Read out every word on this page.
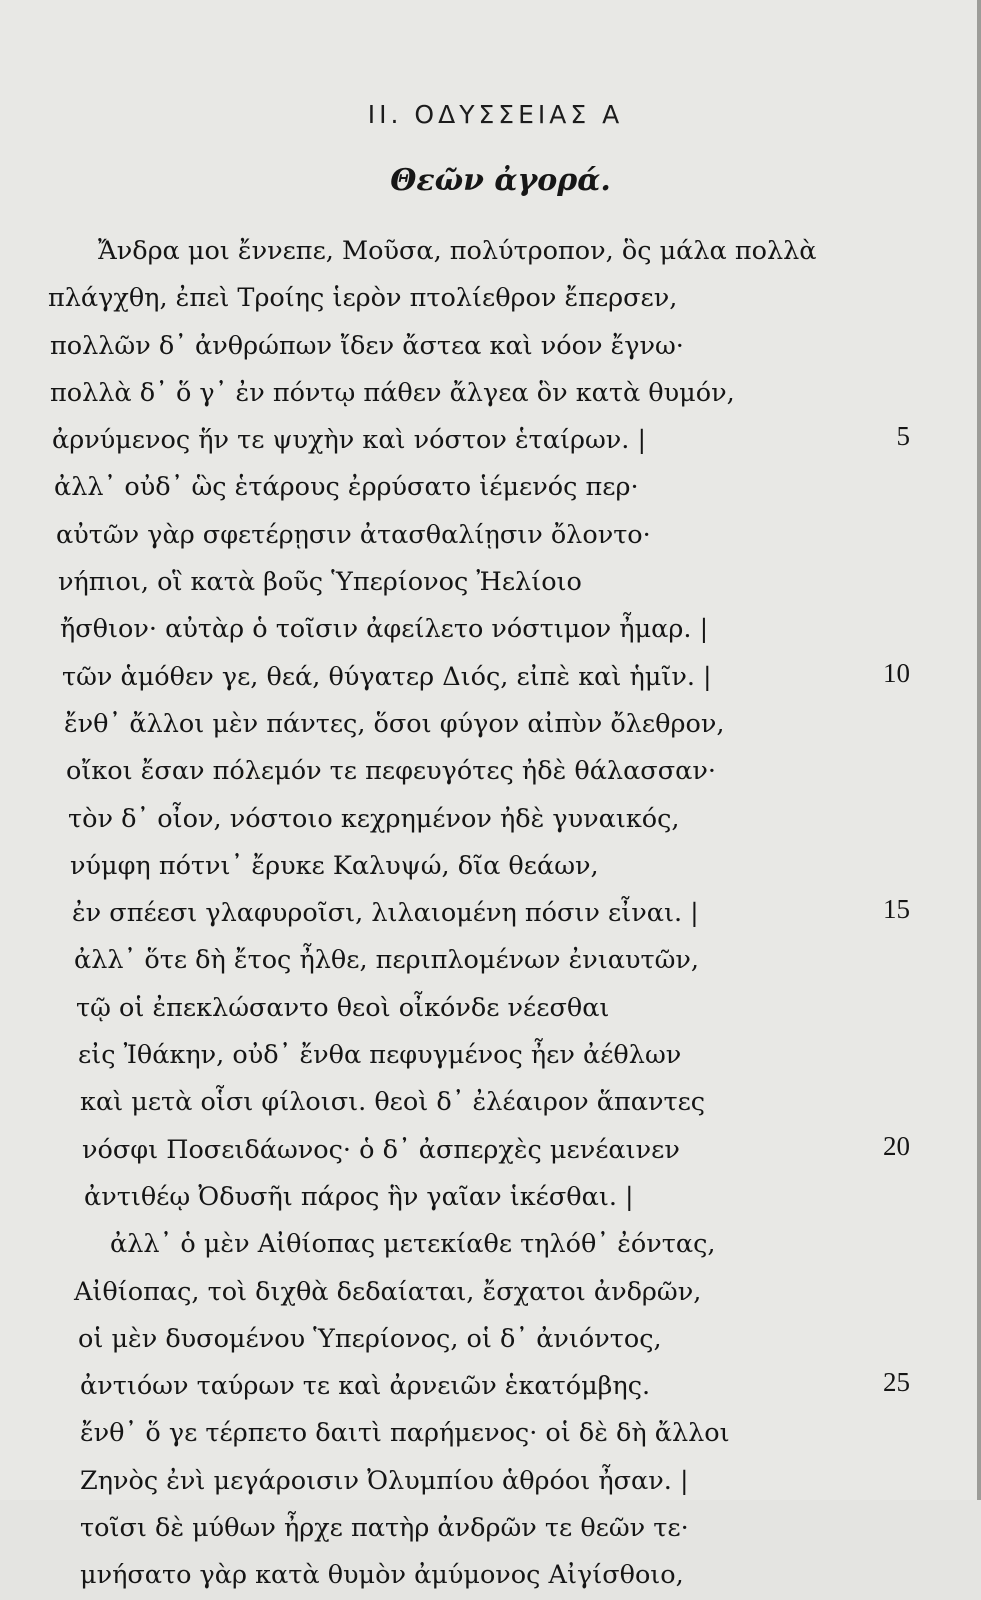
II. ΟΔΥΣΣΕΙΑΣ Α
Θεῶν ἀγορά.
Ἄνδρα μοι ἔννεπε, Μοῦσα, πολύτροπον, ὃς μάλα πολλὰ
πλάγχθη, ἐπεὶ Τροίης ἱερὸν πτολίεθρον ἔπερσεν,
πολλῶν δ᾽ ἀνθρώπων ἴδεν ἄστεα καὶ νόον ἔγνω·
πολλὰ δ᾽ ὅ γ᾽ ἐν πόντῳ πάθεν ἄλγεα ὃν κατὰ θυμόν,
ἀρνύμενος ἥν τε ψυχὴν καὶ νόστον ἑταίρων. |	5
ἀλλ᾽ οὐδ᾽ ὣς ἑτάρους ἐρρύσατο ἱέμενός περ·
αὐτῶν γὰρ σφετέρῃσιν ἀτασθαλίῃσιν ὄλοντο·
νήπιοι, οἳ κατὰ βοῦς Ὑπερίονος Ἠελίοιο
ἤσθιον· αὐτὰρ ὁ τοῖσιν ἀφείλετο νόστιμον ἦμαρ. |
τῶν ἁμόθεν γε, θεά, θύγατερ Διός, εἰπὲ καὶ ἡμῖν. |	10
ἔνθ᾽ ἄλλοι μὲν πάντες, ὅσοι φύγον αἰπὺν ὄλεθρον,
οἴκοι ἔσαν πόλεμόν τε πεφευγότες ἠδὲ θάλασσαν·
τὸν δ᾽ οἶον, νόστοιο κεχρημένον ἠδὲ γυναικός,
νύμφη πότνι᾽ ἔρυκε Καλυψώ, δῖα θεάων,
ἐν σπέεσι γλαφυροῖσι, λιλαιομένη πόσιν εἶναι. |	15
ἀλλ᾽ ὅτε δὴ ἔτος ἦλθε, περιπλομένων ἐνιαυτῶν,
τῷ οἱ ἐπεκλώσαντο θεοὶ οἶκόνδε νέεσθαι
εἰς Ἰθάκην, οὐδ᾽ ἔνθα πεφυγμένος ἦεν ἀέθλων
καὶ μετὰ οἷσι φίλοισι. θεοὶ δ᾽ ἐλέαιρον ἅπαντες
νόσφι Ποσειδάωνος· ὁ δ᾽ ἀσπερχὲς μενέαινεν	20
ἀντιθέῳ Ὀδυσῆι πάρος ἣν γαῖαν ἱκέσθαι. |
ἀλλ᾽ ὁ μὲν Αἰθίοπας μετεκίαθε τηλόθ᾽ ἐόντας,
Αἰθίοπας, τοὶ διχθὰ δεδαίαται, ἔσχατοι ἀνδρῶν,
οἱ μὲν δυσομένου Ὑπερίονος, οἱ δ᾽ ἀνιόντος,
ἀντιόων ταύρων τε καὶ ἀρνειῶν ἑκατόμβης.	25
ἔνθ᾽ ὅ γε τέρπετο δαιτὶ παρήμενος· οἱ δὲ δὴ ἄλλοι
Ζηνὸς ἐνὶ μεγάροισιν Ὀλυμπίου ἁθρόοι ἦσαν. |
τοῖσι δὲ μύθων ἦρχε πατὴρ ἀνδρῶν τε θεῶν τε·
μνήσατο γὰρ κατὰ θυμὸν ἀμύμονος Αἰγίσθοιο,
